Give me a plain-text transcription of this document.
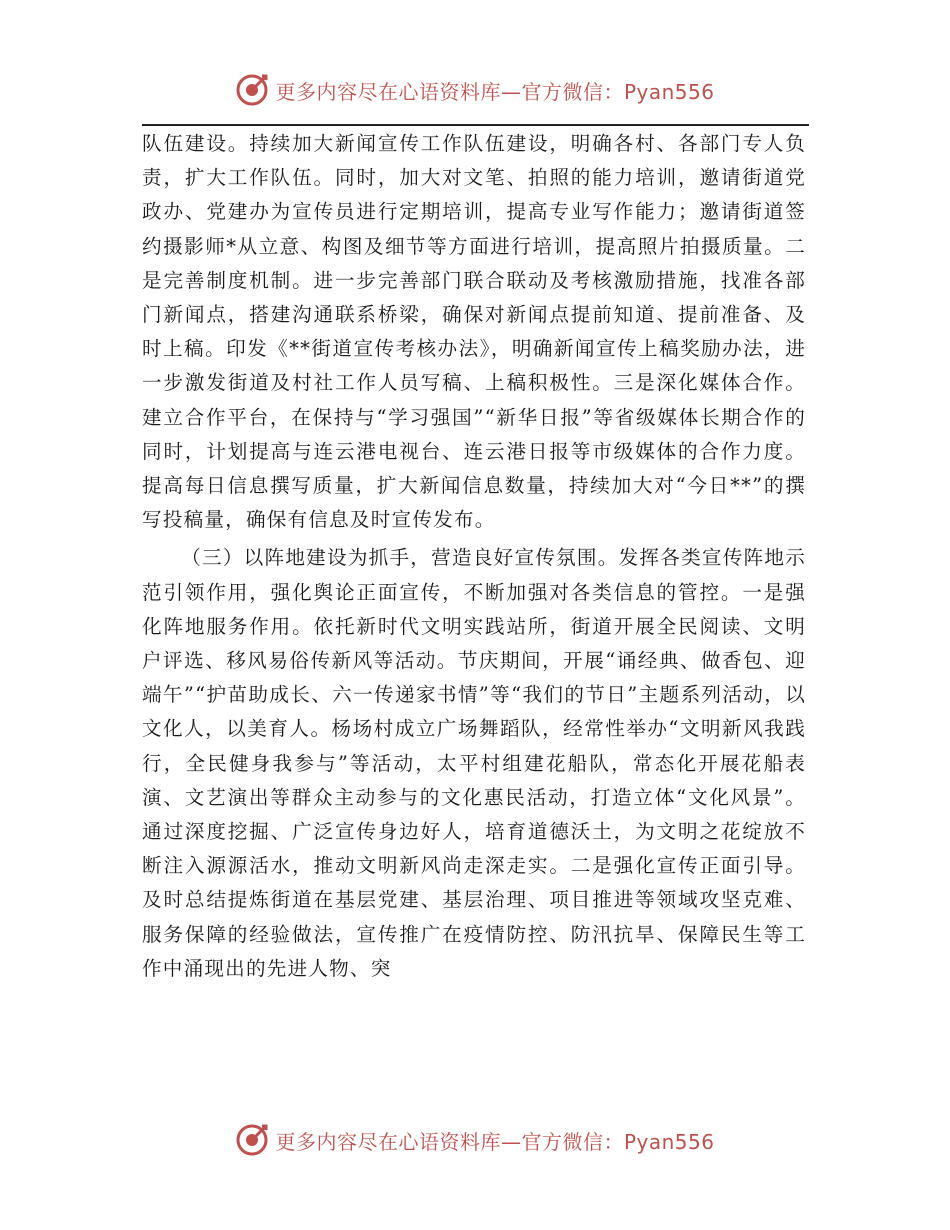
更多内容尽在心语资料库—官方微信：Pyan556

队伍建设。持续加大新闻宣传工作队伍建设，明确各村、各部门专人负责，扩大工作队伍。同时，加大对文笔、拍照的能力培训，邀请街道党政办、党建办为宣传员进行定期培训，提高专业写作能力；邀请街道签约摄影师*从立意、构图及细节等方面进行培训，提高照片拍摄质量。二是完善制度机制。进一步完善部门联合联动及考核激励措施，找准各部门新闻点，搭建沟通联系桥梁，确保对新闻点提前知道、提前准备、及时上稿。印发《**街道宣传考核办法》，明确新闻宣传上稿奖励办法，进一步激发街道及村社工作人员写稿、上稿积极性。三是深化媒体合作。建立合作平台，在保持与“学习强国”“新华日报”等省级媒体长期合作的同时，计划提高与连云港电视台、连云港日报等市级媒体的合作力度。提高每日信息撰写质量，扩大新闻信息数量，持续加大对“今日**”的撰写投稿量，确保有信息及时宣传发布。

（三）以阵地建设为抓手，营造良好宣传氛围。发挥各类宣传阵地示范引领作用，强化舆论正面宣传，不断加强对各类信息的管控。一是强化阵地服务作用。依托新时代文明实践站所，街道开展全民阅读、文明户评选、移风易俗传新风等活动。节庆期间，开展“诵经典、做香包、迎端午”“护苗助成长、六一传递家书情”等“我们的节日”主题系列活动，以文化人，以美育人。杨场村成立广场舞蹈队，经常性举办“文明新风我践行，全民健身我参与”等活动，太平村组建花船队，常态化开展花船表演、文艺演出等群众主动参与的文化惠民活动，打造立体“文化风景”。通过深度挖掘、广泛宣传身边好人，培育道德沃土，为文明之花绽放不断注入源源活水，推动文明新风尚走深走实。二是强化宣传正面引导。及时总结提炼街道在基层党建、基层治理、项目推进等领域攻坚克难、服务保障的经验做法，宣传推广在疫情防控、防汛抗旱、保障民生等工作中涌现出的先进人物、突

更多内容尽在心语资料库—官方微信：Pyan556
